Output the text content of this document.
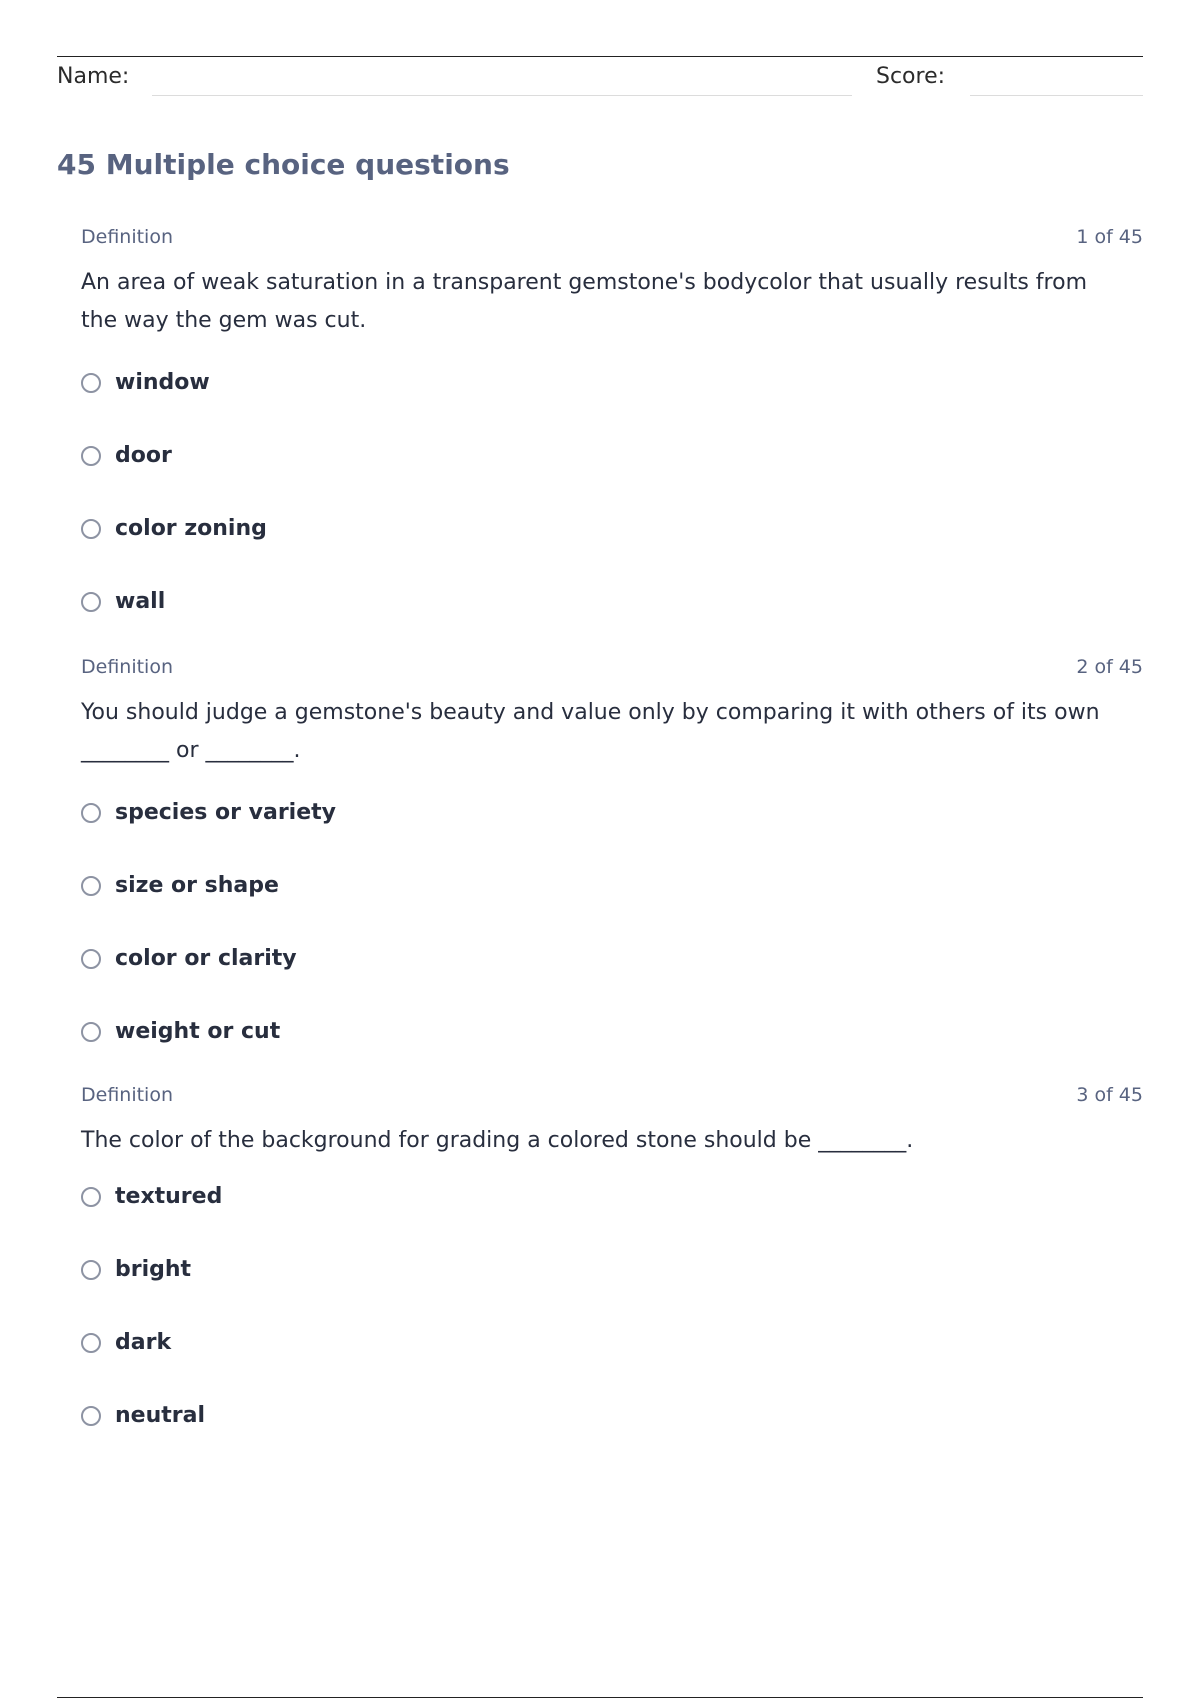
Name:	Score:
45 Multiple choice questions
Definition	1 of 45

An area of weak saturation in a transparent gemstone's bodycolor that usually results from the way the gem was cut.

window
door
color zoning
wall
Definition	2 of 45

You should judge a gemstone's beauty and value only by comparing it with others of its own ________ or ________.

species or variety
size or shape
color or clarity
weight or cut
Definition	3 of 45

The color of the background for grading a colored stone should be ________.

textured
bright
dark
neutral
